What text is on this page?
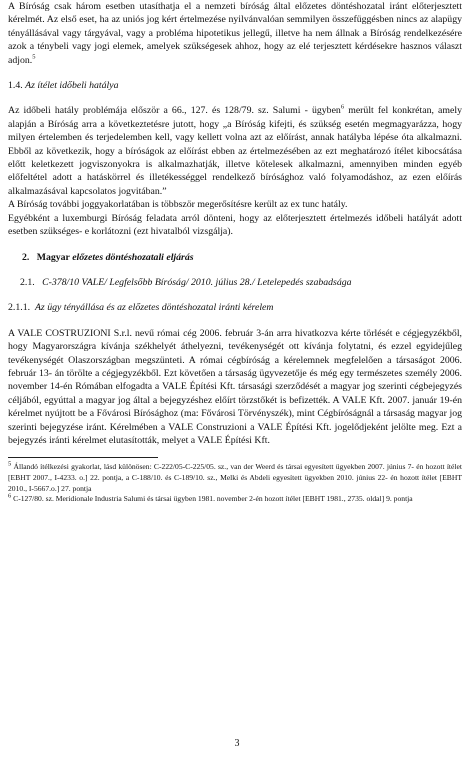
A Bíróság csak három esetben utasíthatja el a nemzeti bíróság által előzetes döntéshozatal iránt előterjesztett kérelmét. Az első eset, ha az uniós jog kért értelmezése nyilvánvalóan semmilyen összefüggésben nincs az alapügy tényállásával vagy tárgyával, vagy a probléma hipotetikus jellegű, illetve ha nem állnak a Bíróság rendelkezésére azok a ténybeli vagy jogi elemek, amelyek szükségesek ahhoz, hogy az elé terjesztett kérdésekre hasznos választ adjon.$^5$

1.4. Az ítélet időbeli hatálya

Az időbeli hatály problémája először a 66., 127. és 128/79. sz. Salumi - ügyben$^6$ merült fel konkrétan, amely alapján a Bíróság arra a következtetésre jutott, hogy „a Bíróság kifejti, és szükség esetén megmagyarázza, hogy milyen értelemben és terjedelemben kell, vagy kellett volna azt az előírást, annak hatályba lépése óta alkalmazni. Ebből az következik, hogy a bíróságok az előírást ebben az értelmezésében az ezt meghatározó ítélet kibocsátása előtt keletkezett jogviszonyokra is alkalmazhatják, illetve kötelesek alkalmazni, amennyiben minden egyéb előfeltétel adott a hatáskörrel és illetékességgel rendelkező bírósághoz való folyamodáshoz, az ezen előírás alkalmazásával kapcsolatos jogvitában.”

A Bíróság további joggyakorlatában is többször megerősítésre került az ex tunc hatály.

Egyébként a luxemburgi Bíróság feladata arról dönteni, hogy az előterjesztett értelmezés időbeli hatályát adott esetben szükséges- e korlátozni (ezt hivatalból vizsgálja).

2. Magyar előzetes döntéshozatali eljárás

2.1. C-378/10 VALE/ Legfelsőbb Bíróság/ 2010. július 28./ Letelepedés szabadsága

2.1.1. Az ügy tényállása és az előzetes döntéshozatal iránti kérelem

A VALE COSTRUZIONI S.r.l. nevű római cég 2006. február 3-án arra hivatkozva kérte törlését e cégjegyzékből, hogy Magyarországra kívánja székhelyét áthelyezni, tevékenységét ott kívánja folytatni, és ezzel egyidejűleg tevékenységét Olaszországban megszünteti. A római cégbíróság a kérelemnek megfelelően a társaságot 2006. február 13- án törölte a cégjegyzékből. Ezt követően a társaság ügyvezetője és még egy természetes személy 2006. november 14-én Rómában elfogadta a VALE Építési Kft. társasági szerződését a magyar jog szerinti cégbejegyzés céljából, egyúttal a magyar jog által a bejegyzéshez előírt törzstőkét is befizették. A VALE Kft. 2007. január 19-én kérelmet nyújtott be a Fővárosi Bírósághoz (ma: Fővárosi Törvényszék), mint Cégbíróságnál a társaság magyar jog szerinti bejegyzése iránt. Kérelmében a VALE Construzioni a VALE Építési Kft. jogelődjeként jelölte meg. Ezt a bejegyzés iránti kérelmet elutasították, melyet a VALE Építési Kft.

$^5$ Állandó ítélkezési gyakorlat, lásd különösen: C-222/05-C-225/05. sz., van der Weerd és társai egyesített ügyekben 2007. június 7- én hozott ítélet [EBHT 2007., I-4233. o.] 22. pontja, a C-188/10. és C-189/10. sz., Melki és Abdeli egyesített ügyekben 2010. június 22- én hozott ítélet [EBHT 2010., I-5667.o.] 27. pontja

$^6$ C-127/80. sz. Meridionale Industria Salumi és társai ügyben 1981. november 2-én hozott ítélet [EBHT 1981., 2735. oldal] 9. pontja

3
